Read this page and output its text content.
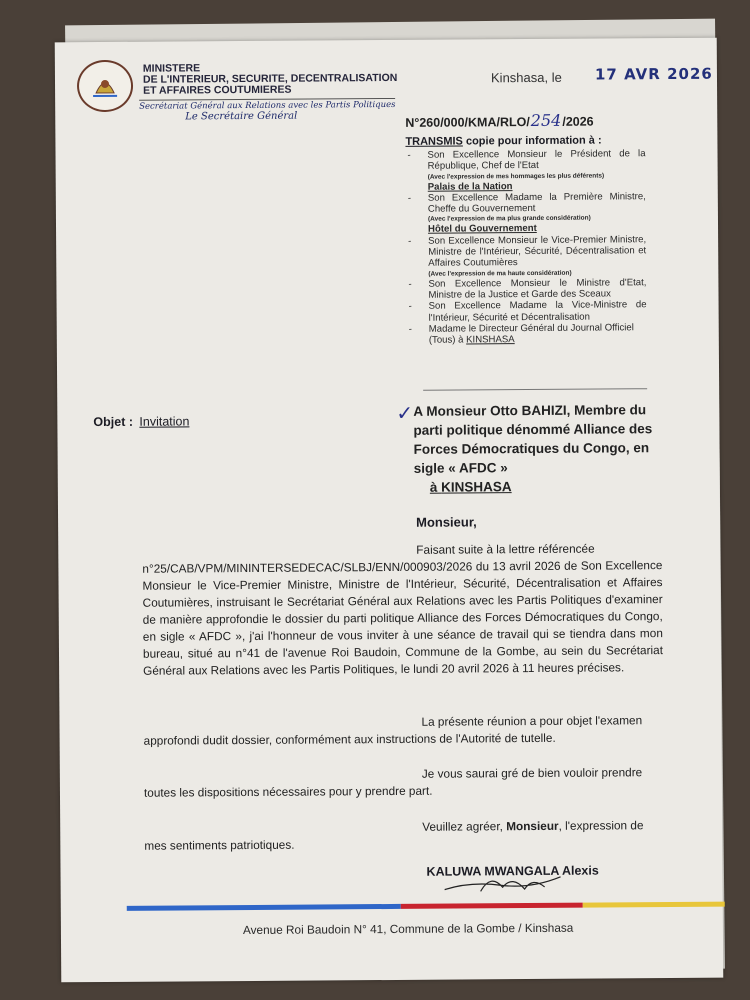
MINISTERE
DE L'INTERIEUR, SECURITE, DECENTRALISATION
ET AFFAIRES COUTUMIERES
Secrétariat Général aux Relations avec les Partis Politiques
Le Secrétaire Général
Kinshasa, le 17 AVR 2026
N°260/000/KMA/RLO/254/2026
TRANSMIS copie pour information à :
- Son Excellence Monsieur le Président de la République, Chef de l'Etat
(Avec l'expression de mes hommages les plus déférents)
Palais de la Nation
- Son Excellence Madame la Première Ministre, Cheffe du Gouvernement
(Avec l'expression de ma plus grande considération)
Hôtel du Gouvernement
- Son Excellence Monsieur le Vice-Premier Ministre, Ministre de l'Intérieur, Sécurité, Décentralisation et Affaires Coutumières
(Avec l'expression de ma haute considération)
- Son Excellence Monsieur le Ministre d'Etat, Ministre de la Justice et Garde des Sceaux
- Son Excellence Madame la Vice-Ministre de l'Intérieur, Sécurité et Décentralisation
- Madame le Directeur Général du Journal Officiel
(Tous) à KINSHASA
Objet : Invitation	✓ A Monsieur Otto BAHIZI, Membre du parti politique dénommé Alliance des Forces Démocratiques du Congo, en sigle « AFDC »
à KINSHASA
Monsieur,
Faisant suite à la lettre référencée
n°25/CAB/VPM/MININTERSEDECAC/SLBJ/ENN/000903/2026 du 13 avril 2026 de Son Excellence Monsieur le Vice-Premier Ministre, Ministre de l'Intérieur, Sécurité, Décentralisation et Affaires Coutumières, instruisant le Secrétariat Général aux Relations avec les Partis Politiques d'examiner de manière approfondie le dossier du parti politique Alliance des Forces Démocratiques du Congo, en sigle « AFDC », j'ai l'honneur de vous inviter à une séance de travail qui se tiendra dans mon bureau, situé au n°41 de l'avenue Roi Baudoin, Commune de la Gombe, au sein du Secrétariat Général aux Relations avec les Partis Politiques, le lundi 20 avril 2026 à 11 heures précises.
La présente réunion a pour objet l'examen
approfondi dudit dossier, conformément aux instructions de l'Autorité de tutelle.
Je vous saurai gré de bien vouloir prendre
toutes les dispositions nécessaires pour y prendre part.
Veuillez agréer, Monsieur, l'expression de
mes sentiments patriotiques.
KALUWA MWANGALA Alexis
Avenue Roi Baudoin N° 41, Commune de la Gombe / Kinshasa
